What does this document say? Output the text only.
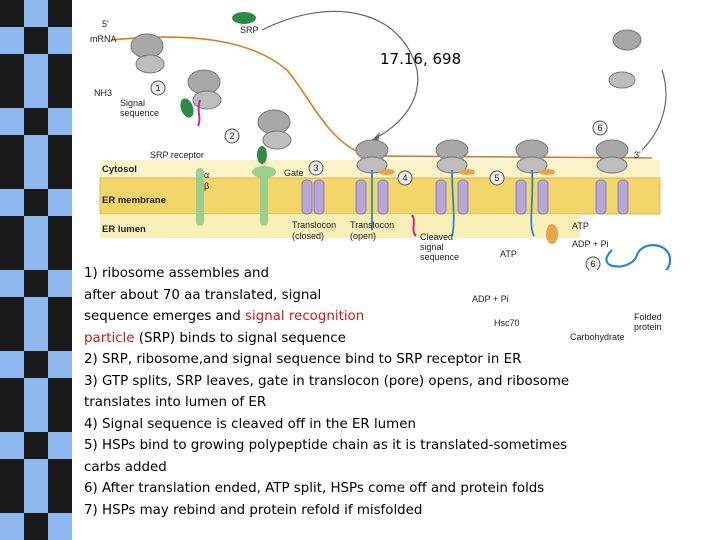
1
2
3
4	5
6
6
5'
mRNA
SRP
NH3
Signal
sequence
SRP receptor
Gate
3'
Cytosol	α
β
ER membrane
ER lumen	Translocon
(closed)
Translocon
(open)	Cleaved
signal
sequence
ATP
ADP + Pi
ATP
ADP + Pi
Hsc70
Carbohydrate
Folded
protein
17.16, 698
1) ribosome assembles and
after about 70 aa translated, signal
sequence emerges and signal recognition
particle (SRP) binds to signal sequence
2) SRP, ribosome,and signal sequence bind to SRP receptor in ER
3) GTP splits, SRP leaves, gate in translocon (pore) opens, and ribosome
translates into lumen of ER
4) Signal sequence is cleaved off in the ER lumen
5) HSPs bind to growing polypeptide chain as it is translated-sometimes
carbs added
6) After translation ended, ATP split, HSPs come off and protein folds
7) HSPs may rebind and protein refold if misfolded
